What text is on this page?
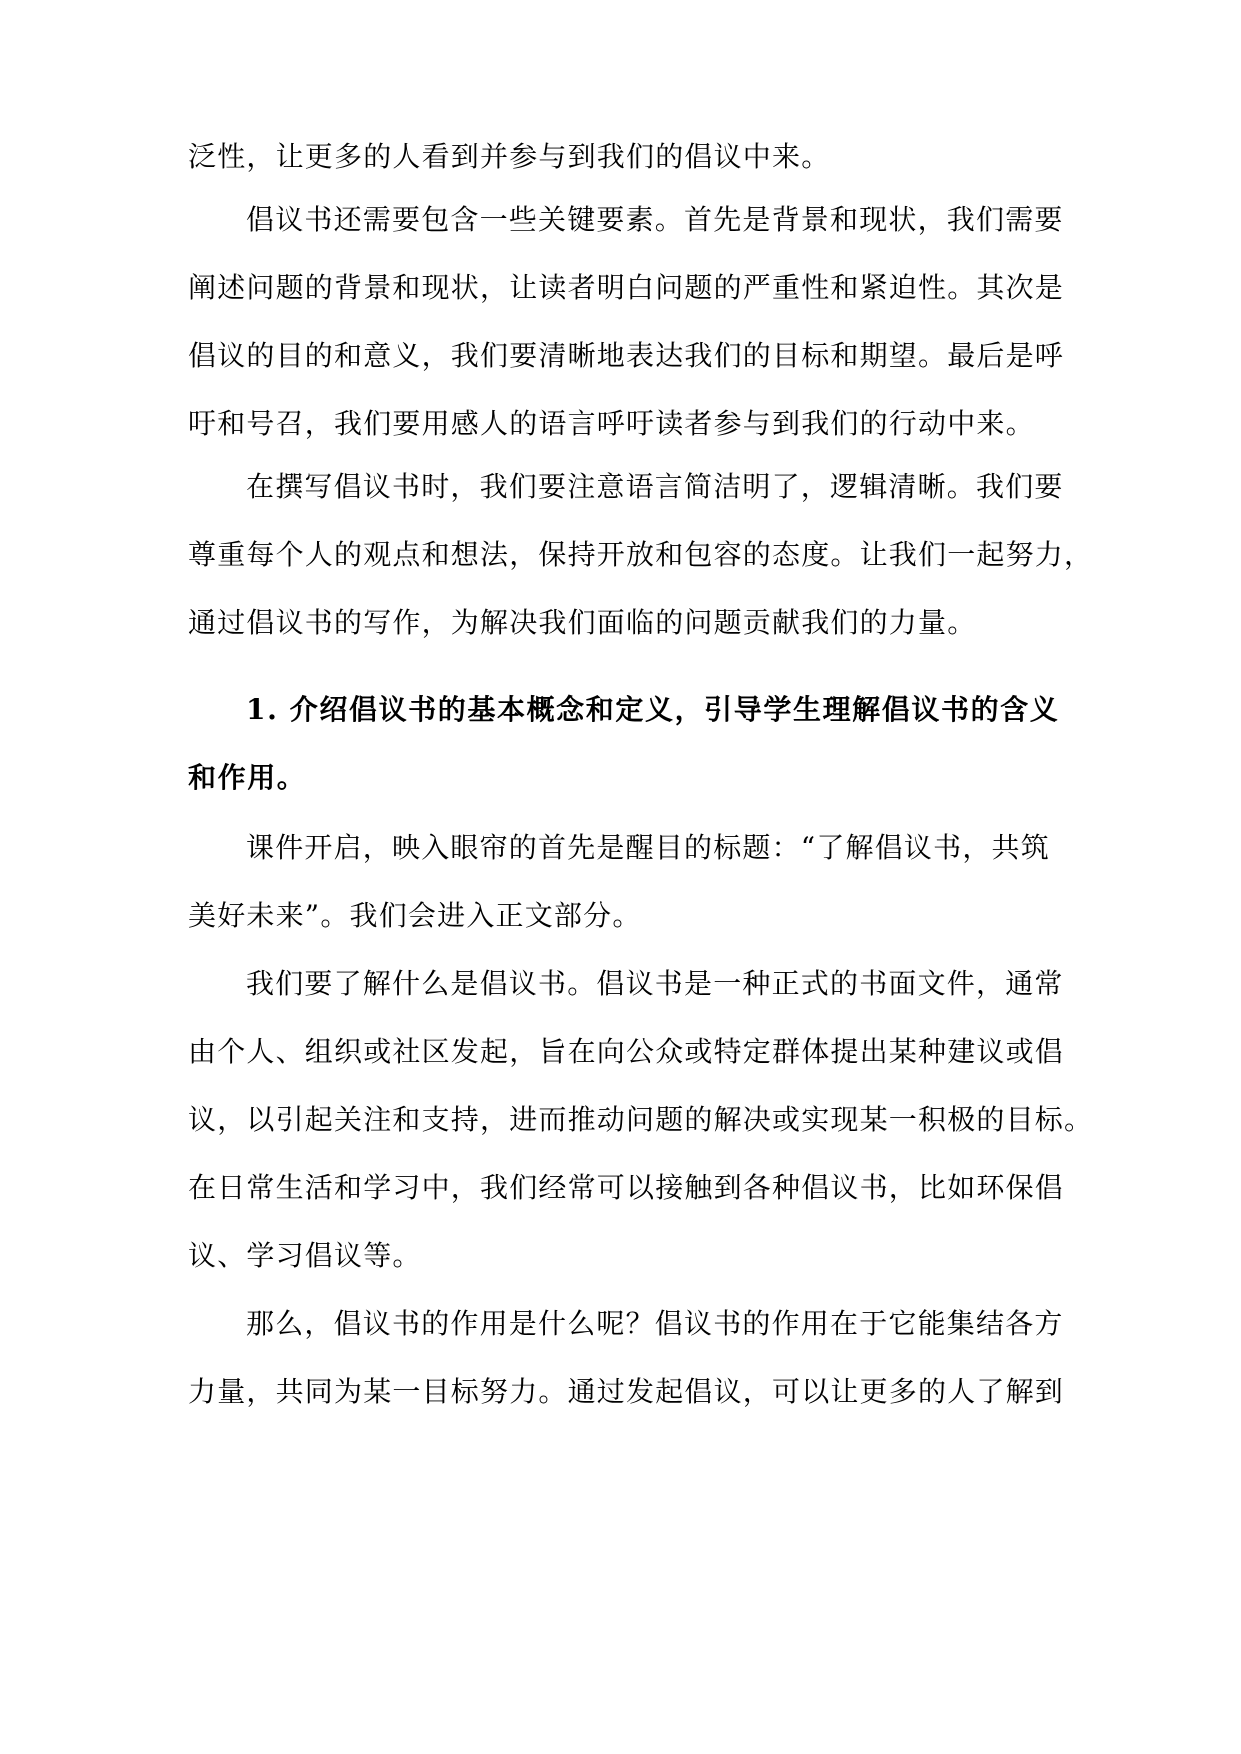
泛性，让更多的人看到并参与到我们的倡议中来。
倡议书还需要包含一些关键要素。首先是背景和现状，我们需要
阐述问题的背景和现状，让读者明白问题的严重性和紧迫性。其次是
倡议的目的和意义，我们要清晰地表达我们的目标和期望。最后是呼
吁和号召，我们要用感人的语言呼吁读者参与到我们的行动中来。
在撰写倡议书时，我们要注意语言简洁明了，逻辑清晰。我们要
尊重每个人的观点和想法，保持开放和包容的态度。让我们一起努力，
通过倡议书的写作，为解决我们面临的问题贡献我们的力量。
1. 介绍倡议书的基本概念和定义，引导学生理解倡议书的含义
和作用。
课件开启，映入眼帘的首先是醒目的标题：“了解倡议书，共筑
美好未来”。我们会进入正文部分。
我们要了解什么是倡议书。倡议书是一种正式的书面文件，通常
由个人、组织或社区发起，旨在向公众或特定群体提出某种建议或倡
议，以引起关注和支持，进而推动问题的解决或实现某一积极的目标。
在日常生活和学习中，我们经常可以接触到各种倡议书，比如环保倡
议、学习倡议等。
那么，倡议书的作用是什么呢？倡议书的作用在于它能集结各方
力量，共同为某一目标努力。通过发起倡议，可以让更多的人了解到
